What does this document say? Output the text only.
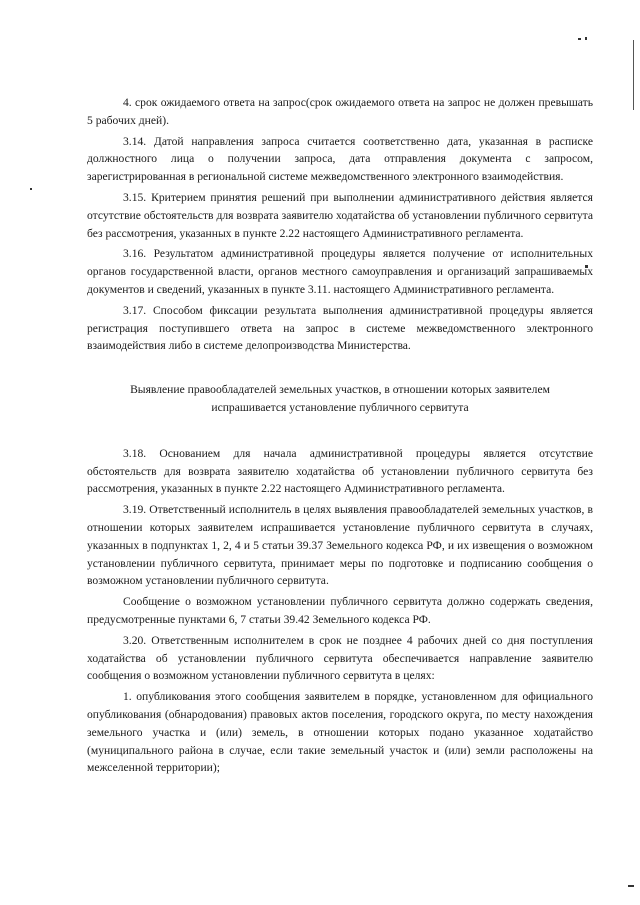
4. срок ожидаемого ответа на запрос(срок ожидаемого ответа на запрос не должен превышать 5 рабочих дней).

3.14. Датой направления запроса считается соответственно дата, указанная в расписке должностного лица о получении запроса, дата отправления документа с запросом, зарегистрированная в региональной системе межведомственного электронного взаимодействия.

3.15. Критерием принятия решений при выполнении административного действия является отсутствие обстоятельств для возврата заявителю ходатайства об установлении публичного сервитута без рассмотрения, указанных в пункте 2.22 настоящего Административного регламента.

3.16. Результатом административной процедуры является получение от исполнительных органов государственной власти, органов местного самоуправления и организаций запрашиваемых документов и сведений, указанных в пункте 3.11. настоящего Административного регламента.

3.17. Способом фиксации результата выполнения административной процедуры является регистрация поступившего ответа на запрос в системе межведомственного электронного взаимодействия либо в системе делопроизводства Министерства.

Выявление правообладателей земельных участков, в отношении которых заявителем испрашивается установление публичного сервитута

3.18. Основанием для начала административной процедуры является отсутствие обстоятельств для возврата заявителю ходатайства об установлении публичного сервитута без рассмотрения, указанных в пункте 2.22 настоящего Административного регламента.

3.19. Ответственный исполнитель в целях выявления правообладателей земельных участков, в отношении которых заявителем испрашивается установление публичного сервитута в случаях, указанных в подпунктах 1, 2, 4 и 5 статьи 39.37 Земельного кодекса РФ, и их извещения о возможном установлении публичного сервитута, принимает меры по подготовке и подписанию сообщения о возможном установлении публичного сервитута.

Сообщение о возможном установлении публичного сервитута должно содержать сведения, предусмотренные пунктами 6, 7 статьи 39.42 Земельного кодекса РФ.

3.20. Ответственным исполнителем в срок не позднее 4 рабочих дней со дня поступления ходатайства об установлении публичного сервитута обеспечивается направление заявителю сообщения о возможном установлении публичного сервитута в целях:

1. опубликования этого сообщения заявителем в порядке, установленном для официального опубликования (обнародования) правовых актов поселения, городского округа, по месту нахождения земельного участка и (или) земель, в отношении которых подано указанное ходатайство (муниципального района в случае, если такие земельный участок и (или) земли расположены на межселенной территории);
